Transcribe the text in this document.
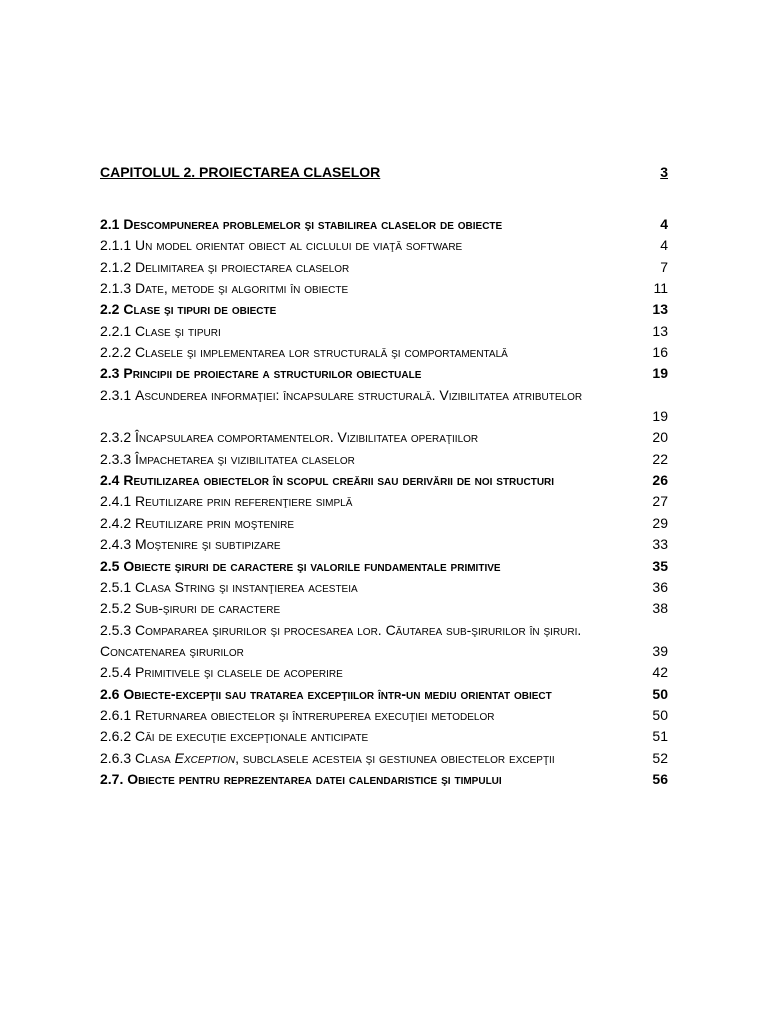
CAPITOLUL 2. PROIECTAREA CLASELOR	3
2.1 Descompunerea problemelor şi stabilirea claselor de obiecte	4
2.1.1 Un model orientat obiect al ciclului de viaţă software	4
2.1.2 Delimitarea şi proiectarea claselor	7
2.1.3 Date, metode şi algoritmi în obiecte	11
2.2 Clase şi tipuri de obiecte	13
2.2.1 Clase şi tipuri	13
2.2.2 Clasele şi implementarea lor structurală şi comportamentală	16
2.3 Principii de proiectare a structurilor obiectuale	19
2.3.1 Ascunderea informaţiei: încapsulare structurală. Vizibilitatea atributelor
19
2.3.2 Încapsularea comportamentelor. Vizibilitatea operaţiilor	20
2.3.3 Împachetarea şi vizibilitatea claselor	22
2.4 Reutilizarea obiectelor în scopul creării sau derivării de noi structuri	26
2.4.1 Reutilizare prin referenţiere simplă	27
2.4.2 Reutilizare prin moştenire	29
2.4.3 Moştenire şi subtipizare	33
2.5 Obiecte şiruri de caractere şi valorile fundamentale primitive	35
2.5.1 Clasa String şi instanţierea acesteia	36
2.5.2 Sub-şiruri de caractere	38
2.5.3 Compararea şirurilor şi procesarea lor. Căutarea sub-şirurilor în şiruri.
Concatenarea şirurilor	39
2.5.4 Primitivele şi clasele de acoperire	42
2.6 Obiecte-excepţii sau tratarea excepţiilor într-un mediu orientat obiect	50
2.6.1 Returnarea obiectelor şi întreruperea execuţiei metodelor	50
2.6.2 Căi de execuţie excepţionale anticipate	51
2.6.3 Clasa Exception, subclasele acesteia şi gestiunea obiectelor excepţii	52
2.7. Obiecte pentru reprezentarea datei calendaristice şi timpului	56
